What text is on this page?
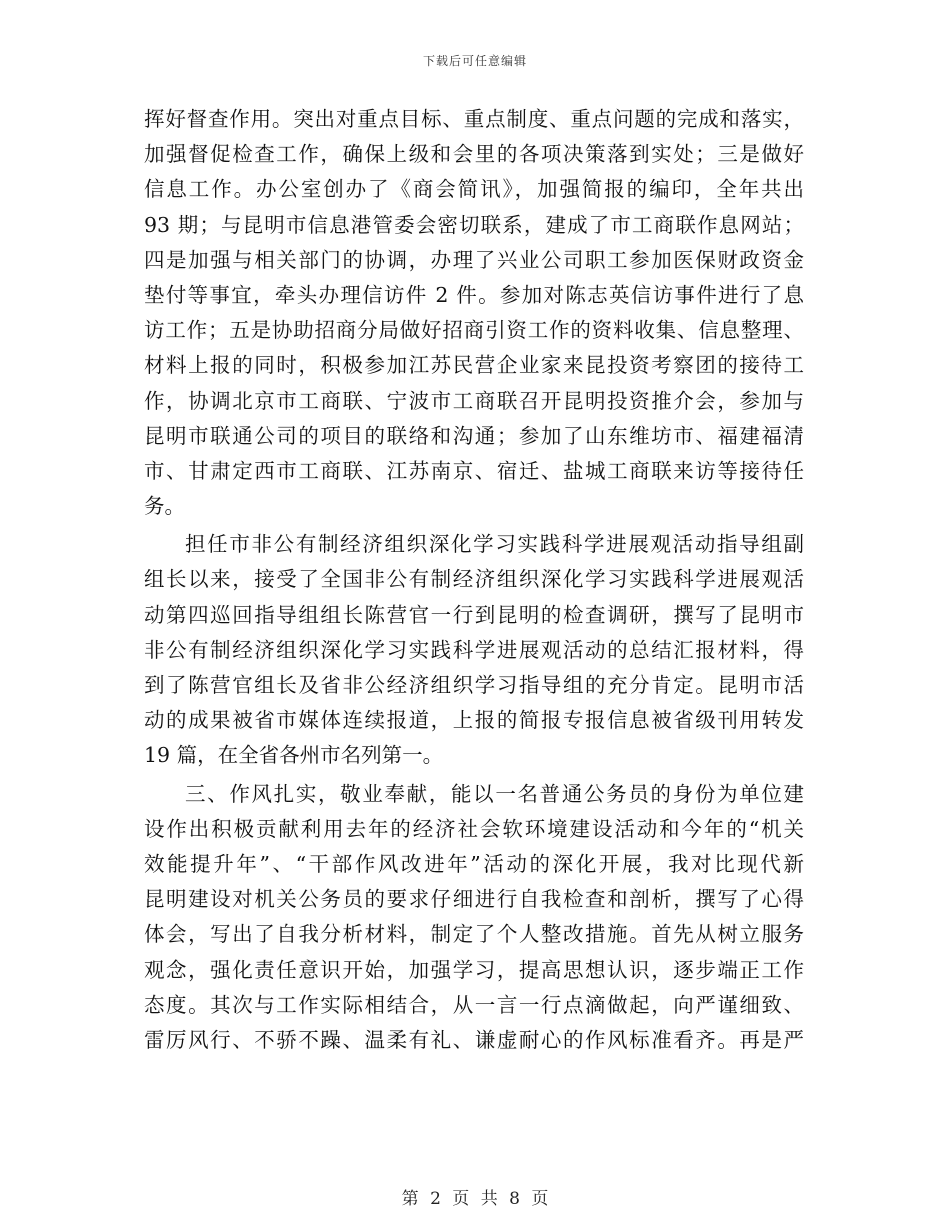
下载后可任意编辑
挥好督查作用。突出对重点目标、重点制度、重点问题的完成和落实，
加强督促检查工作，确保上级和会里的各项决策落到实处；三是做好
信息工作。办公室创办了《商会简讯》，加强简报的编印，全年共出
93 期；与昆明市信息港管委会密切联系，建成了市工商联作息网站；
四是加强与相关部门的协调，办理了兴业公司职工参加医保财政资金
垫付等事宜，牵头办理信访件 2 件。参加对陈志英信访事件进行了息
访工作；五是协助招商分局做好招商引资工作的资料收集、信息整理、
材料上报的同时，积极参加江苏民营企业家来昆投资考察团的接待工
作，协调北京市工商联、宁波市工商联召开昆明投资推介会，参加与
昆明市联通公司的项目的联络和沟通；参加了山东维坊市、福建福清
市、甘肃定西市工商联、江苏南京、宿迁、盐城工商联来访等接待任
务。
担任市非公有制经济组织深化学习实践科学进展观活动指导组副
组长以来，接受了全国非公有制经济组织深化学习实践科学进展观活
动第四巡回指导组组长陈营官一行到昆明的检查调研，撰写了昆明市
非公有制经济组织深化学习实践科学进展观活动的总结汇报材料，得
到了陈营官组长及省非公经济组织学习指导组的充分肯定。昆明市活
动的成果被省市媒体连续报道，上报的简报专报信息被省级刊用转发
19 篇，在全省各州市名列第一。
三、作风扎实，敬业奉献，能以一名普通公务员的身份为单位建
设作出积极贡献利用去年的经济社会软环境建设活动和今年的“机关
效能提升年”、“干部作风改进年”活动的深化开展，我对比现代新
昆明建设对机关公务员的要求仔细进行自我检查和剖析，撰写了心得
体会，写出了自我分析材料，制定了个人整改措施。首先从树立服务
观念，强化责任意识开始，加强学习，提高思想认识，逐步端正工作
态度。其次与工作实际相结合，从一言一行点滴做起，向严谨细致、
雷厉风行、不骄不躁、温柔有礼、谦虚耐心的作风标准看齐。再是严
第 2 页 共 8 页
